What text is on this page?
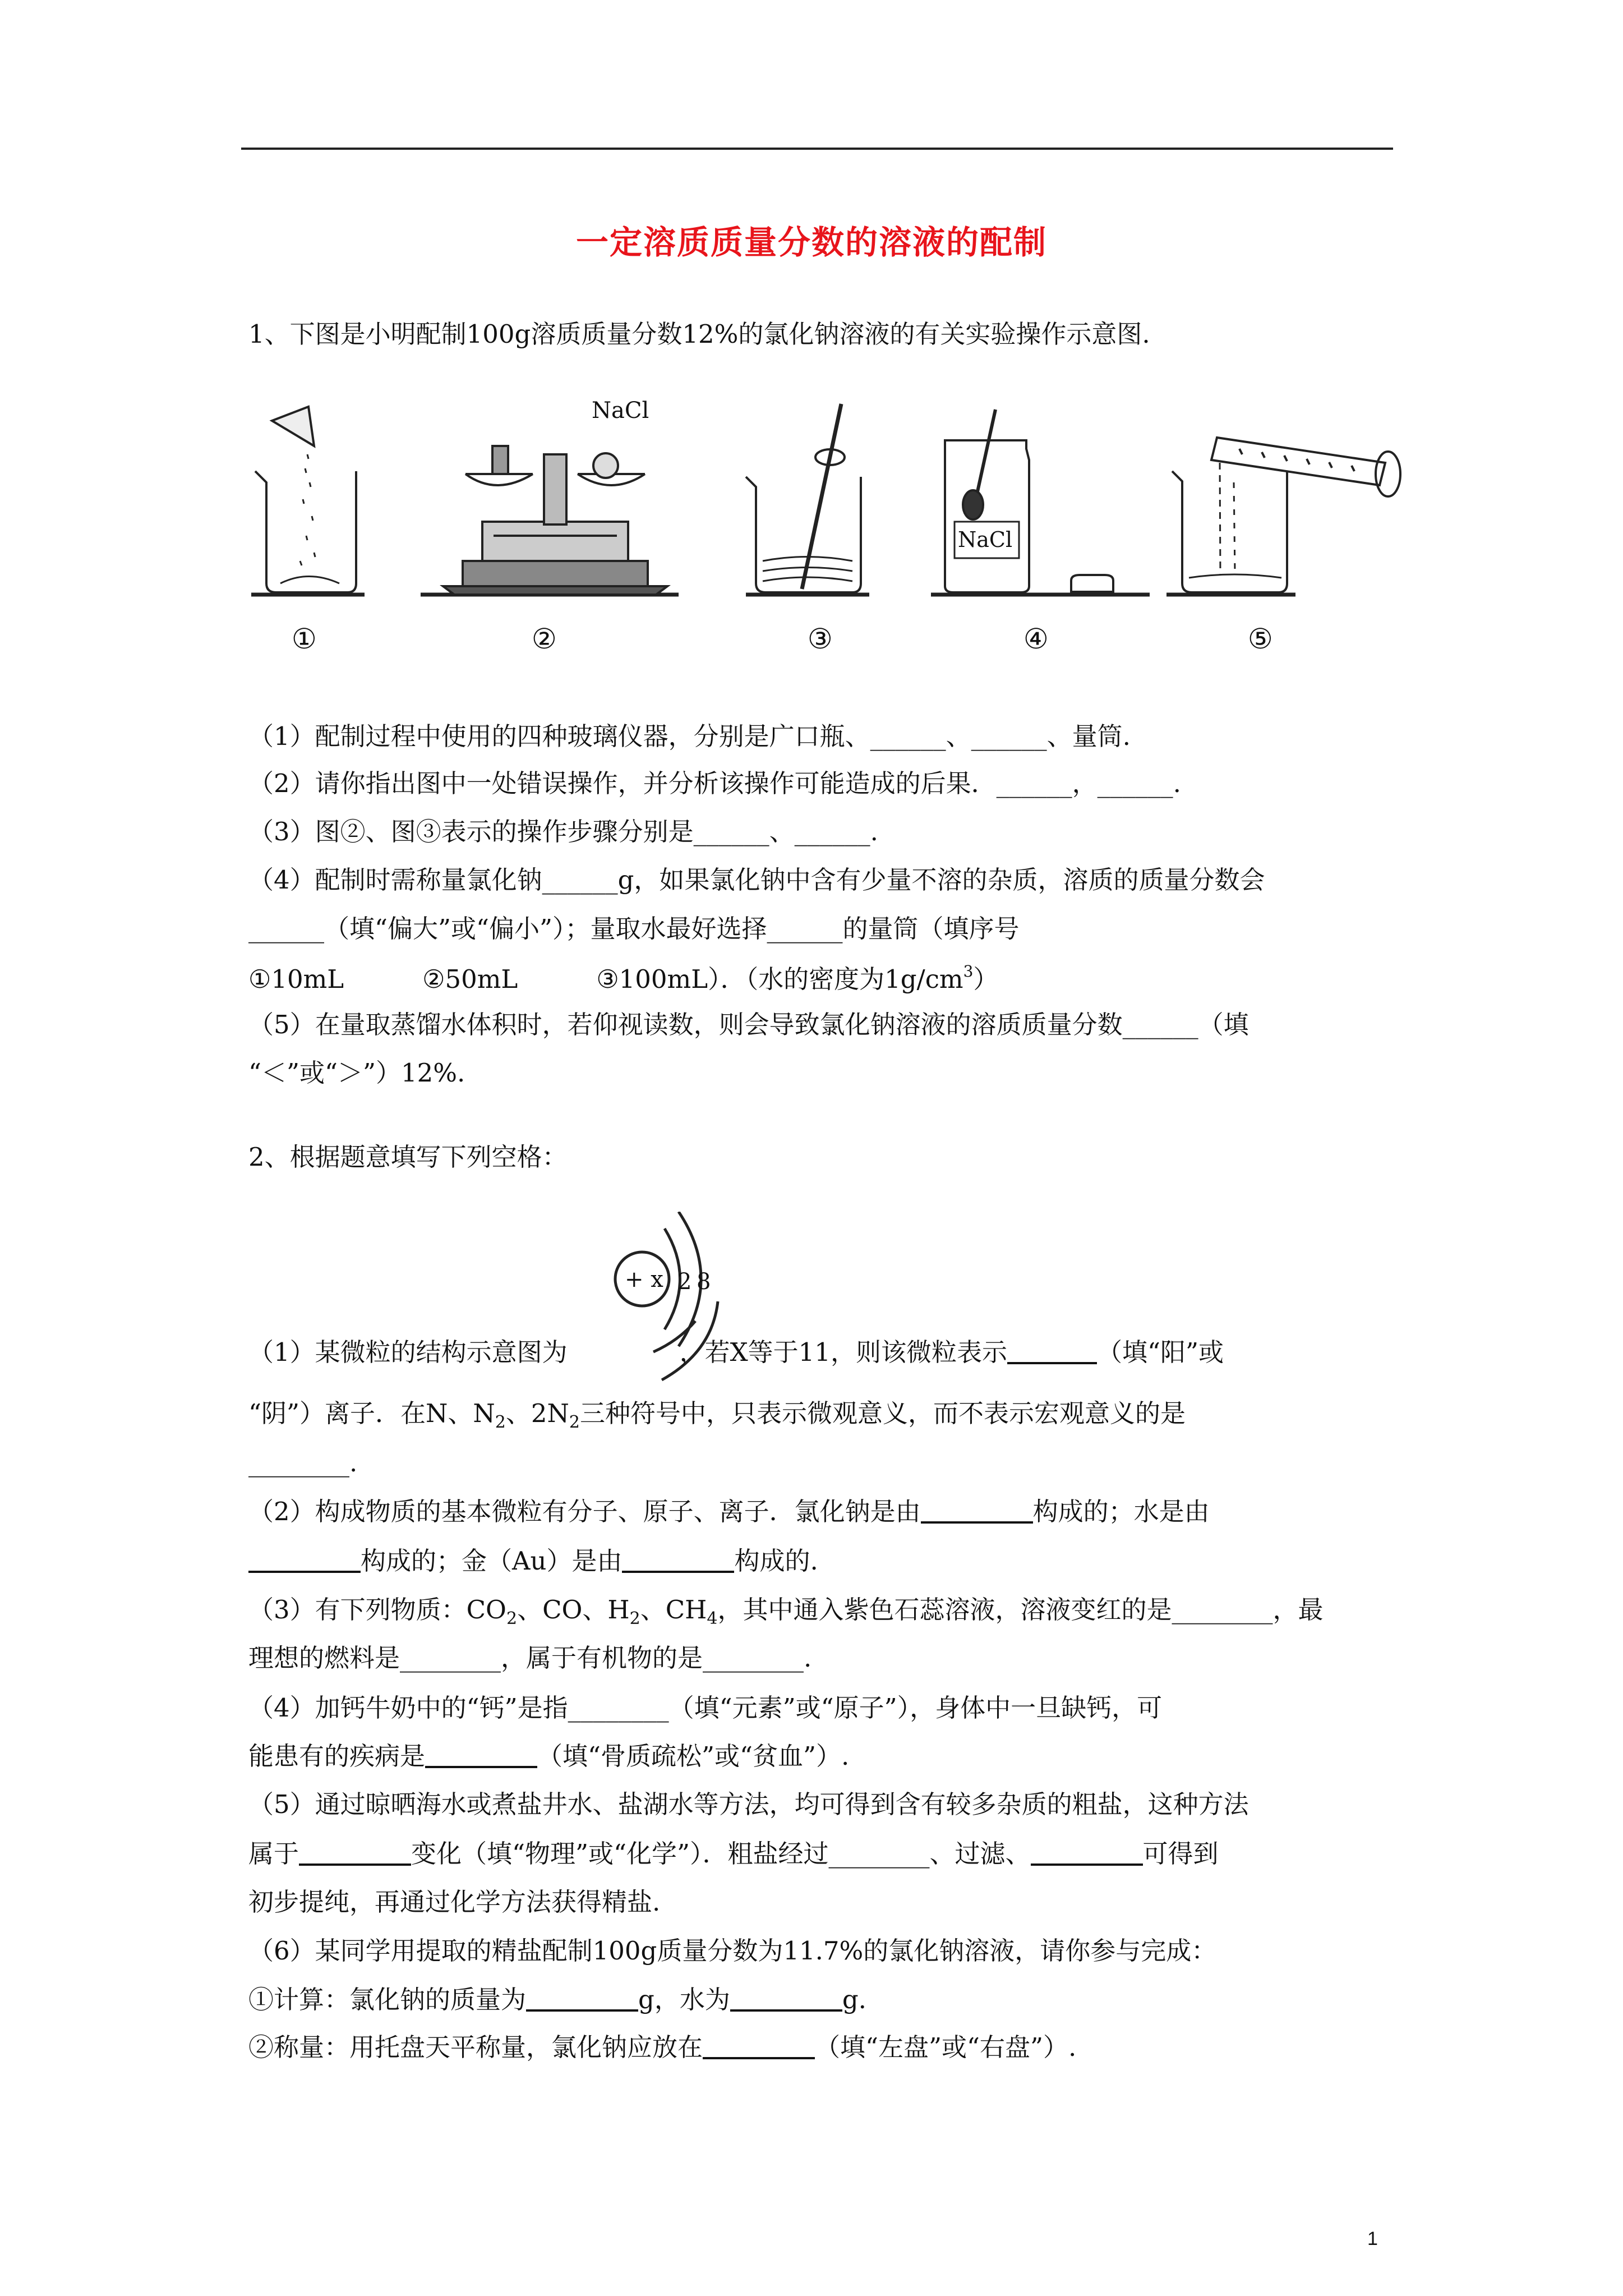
一定溶质质量分数的溶液的配制
1、下图是小明配制100g溶质质量分数12%的氯化钠溶液的有关实验操作示意图.
NaCl
NaCl
①	②	③	④	⑤
（1）配制过程中使用的四种玻璃仪器，分别是广口瓶、______、______、量筒.
（2）请你指出图中一处错误操作，并分析该操作可能造成的后果．______，______.
（3）图②、图③表示的操作步骤分别是______、______.
（4）配制时需称量氯化钠______g，如果氯化钠中含有少量不溶的杂质，溶质的质量分数会
______（填“偏大”或“偏小”）；量取水最好选择______的量筒（填序号
①10mL	②50mL	③100mL）．（水的密度为$1g/cm^3$）
（5）在量取蒸馏水体积时，若仰视读数，则会导致氯化钠溶液的溶质质量分数______（填
“＜”或“＞”）12%.
2、根据题意填写下列空格：
+ x 2 8
（1）某微粒的结构示意图为	，若X等于11，则该微粒表示	（填“阳”或
“阴”）离子．在N、$N_2$、$2N_2$三种符号中，只表示微观意义，而不表示宏观意义的是
________.
（2）构成物质的基本微粒有分子、原子、离子．氯化钠是由	构成的；水是由
构成的；金（Au）是由	构成的.
（3）有下列物质：$CO_2$、CO、$H_2$、$CH_4$，其中通入紫色石蕊溶液，溶液变红的是________，最
理想的燃料是________，属于有机物的是________.
（4）加钙牛奶中的“钙”是指________（填“元素”或“原子”），身体中一旦缺钙，可
能患有的疾病是	（填“骨质疏松”或“贫血”）.
（5）通过晾晒海水或煮盐井水、盐湖水等方法，均可得到含有较多杂质的粗盐，这种方法
属于	变化（填“物理”或“化学”）．粗盐经过________、过滤、	可得到
初步提纯，再通过化学方法获得精盐.
（6）某同学用提取的精盐配制100g质量分数为11.7%的氯化钠溶液，请你参与完成：
①计算：氯化钠的质量为	g，水为	g.
②称量：用托盘天平称量，氯化钠应放在	（填“左盘”或“右盘”）.
1
